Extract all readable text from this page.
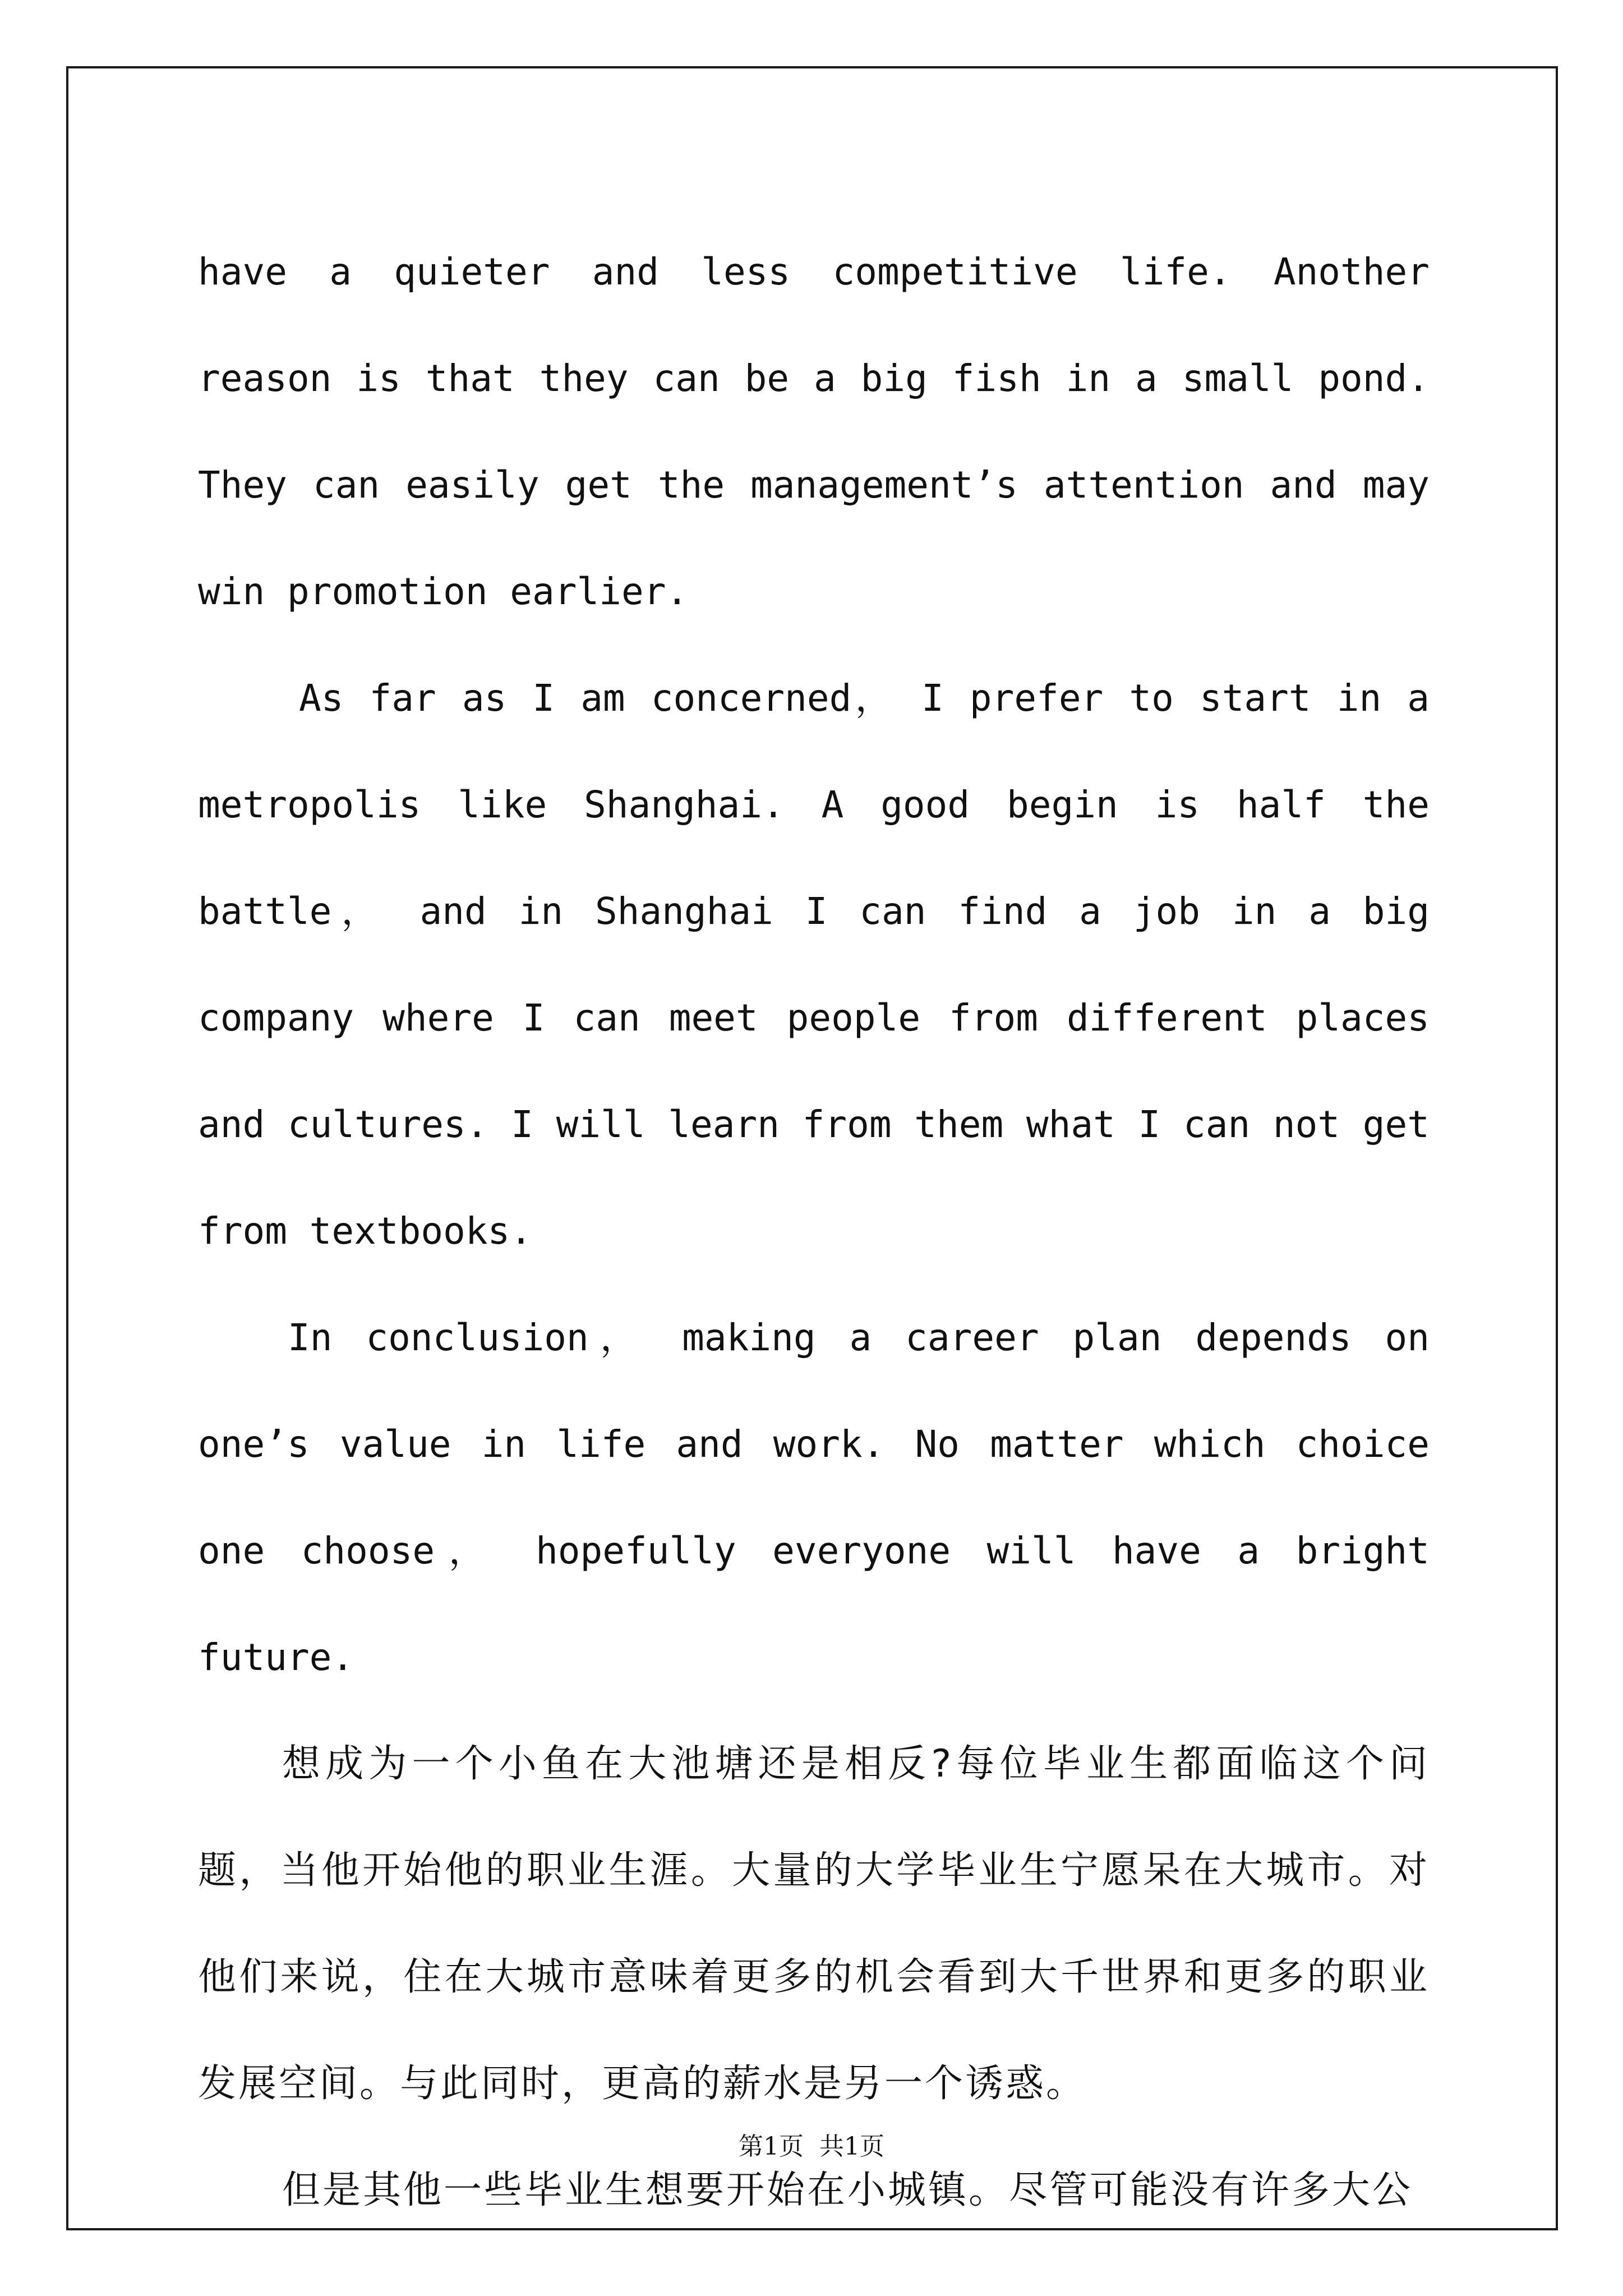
have a quieter and less competitive life. Another reason is that they can be a big fish in a small pond. They can easily get the management’s attention and may win promotion earlier.

As far as I am concerned， I prefer to start in a metropolis like Shanghai. A good begin is half the battle， and in Shanghai I can find a job in a big company where I can meet people from different places and cultures. I will learn from them what I can not get from textbooks.

In conclusion， making a career plan depends on one’s value in life and work. No matter which choice one choose， hopefully everyone will have a bright future.

想成为一个小鱼在大池塘还是相反?每位毕业生都面临这个问题，当他开始他的职业生涯。大量的大学毕业生宁愿呆在大城市。对他们来说，住在大城市意味着更多的机会看到大千世界和更多的职业发展空间。与此同时，更高的薪水是另一个诱惑。

但是其他一些毕业生想要开始在小城镇。尽管可能没有许多大公

第1页  共1页
